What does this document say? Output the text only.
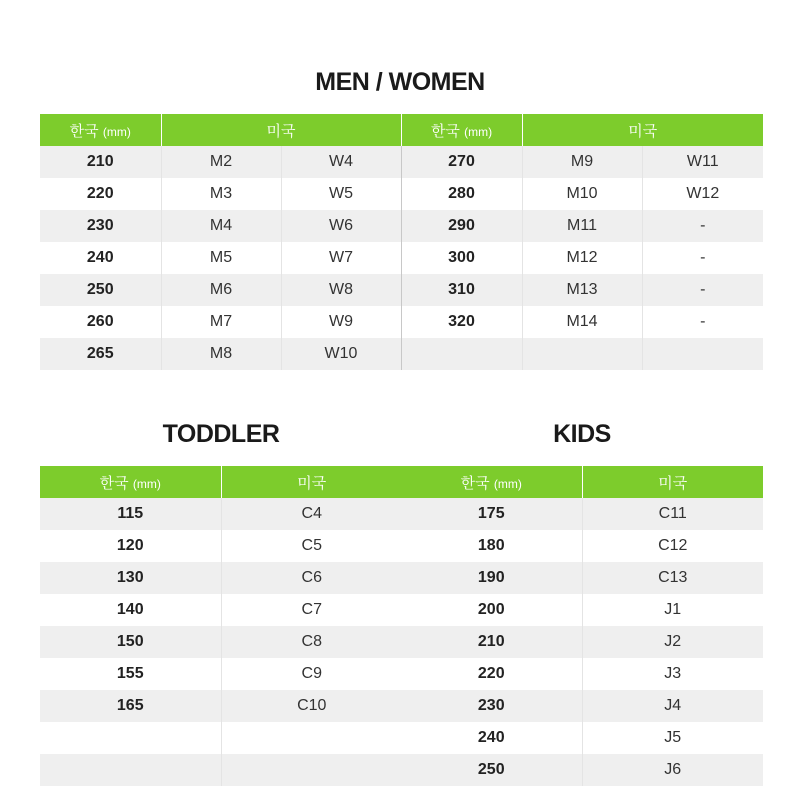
MEN / WOMEN
한국 (mm)	미국		한국 (mm)	미국	
210	M2	W4	270	M9	W11
220	M3	W5	280	M10	W12
230	M4	W6	290	M11	-
240	M5	W7	300	M12	-
250	M6	W8	310	M13	-
260	M7	W9	320	M14	-
265	M8	W10			
TODDLER
한국 (mm)	미국
115	C4
120	C5
130	C6
140	C7
150	C8
155	C9
165	C10

KIDS
한국 (mm)	미국
175	C11
180	C12
190	C13
200	J1
210	J2
220	J3
230	J4
240	J5
250	J6
